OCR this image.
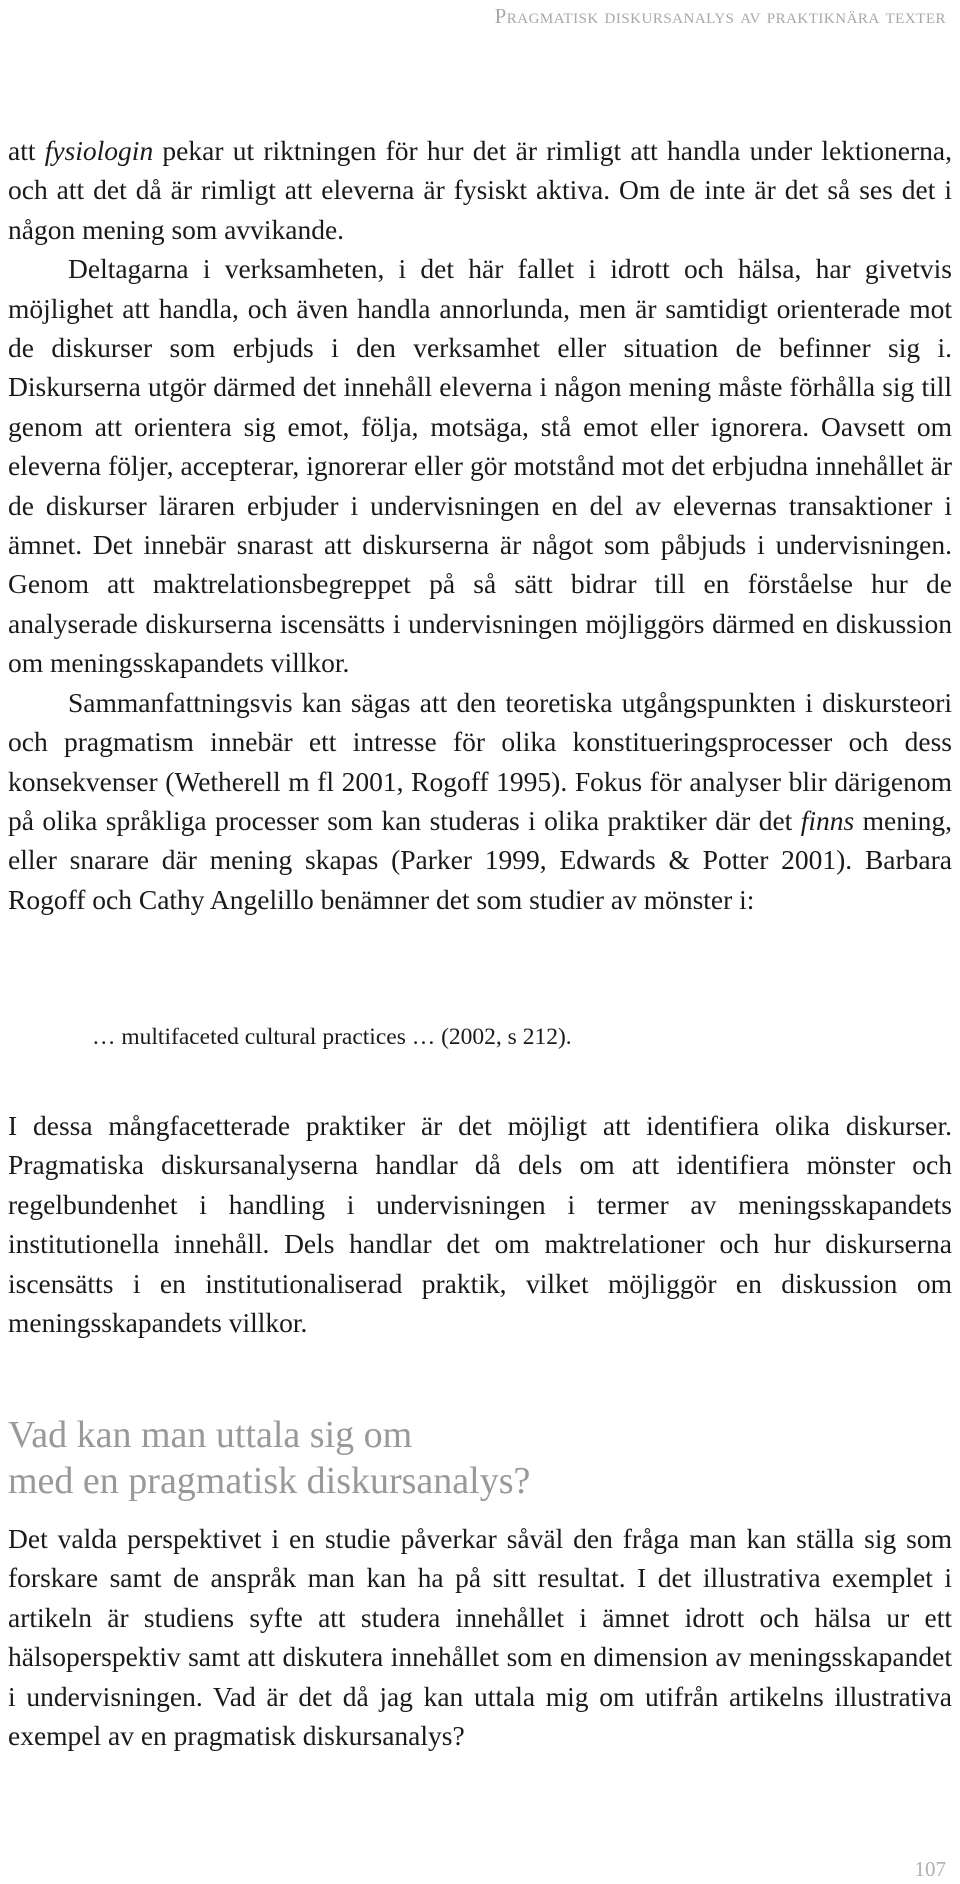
Pragmatisk diskursanalys av praktiknära texter

att fysiologin pekar ut riktningen för hur det är rimligt att handla under lektionerna, och att det då är rimligt att eleverna är fysiskt aktiva. Om de inte är det så ses det i någon mening som avvikande.

Deltagarna i verksamheten, i det här fallet i idrott och hälsa, har givetvis möjlighet att handla, och även handla annorlunda, men är samtidigt orienterade mot de diskurser som erbjuds i den verksamhet eller situation de befinner sig i. Diskurserna utgör därmed det innehåll eleverna i någon mening måste förhålla sig till genom att orientera sig emot, följa, motsäga, stå emot eller ignorera. Oavsett om eleverna följer, accepterar, ignorerar eller gör motstånd mot det erbjudna innehållet är de diskurser läraren erbjuder i undervisningen en del av elevernas transaktioner i ämnet. Det innebär snarast att diskurserna är något som påbjuds i undervisningen. Genom att maktrelationsbegreppet på så sätt bidrar till en förståelse hur de analyserade diskurserna iscensätts i undervisningen möjliggörs därmed en diskussion om meningsskapandets villkor.

Sammanfattningsvis kan sägas att den teoretiska utgångspunkten i diskursteori och pragmatism innebär ett intresse för olika konstitueringsprocesser och dess konsekvenser (Wetherell m fl 2001, Rogoff 1995). Fokus för analyser blir därigenom på olika språkliga processer som kan studeras i olika praktiker där det finns mening, eller snarare där mening skapas (Parker 1999, Edwards & Potter 2001). Barbara Rogoff och Cathy Angelillo benämner det som studier av mönster i:

… multifaceted cultural practices … (2002, s 212).

I dessa mångfacetterade praktiker är det möjligt att identifiera olika diskurser. Pragmatiska diskursanalyserna handlar då dels om att identifiera mönster och regelbundenhet i handling i undervisningen i termer av meningsskapandets institutionella innehåll. Dels handlar det om maktrelationer och hur diskurserna iscensätts i en institutionaliserad praktik, vilket möjliggör en diskussion om meningsskapandets villkor.

Vad kan man uttala sig om
med en pragmatisk diskursanalys?

Det valda perspektivet i en studie påverkar såväl den fråga man kan ställa sig som forskare samt de anspråk man kan ha på sitt resultat. I det illustrativa exemplet i artikeln är studiens syfte att studera innehållet i ämnet idrott och hälsa ur ett hälsoperspektiv samt att diskutera innehållet som en dimension av meningsskapandet i undervisningen. Vad är det då jag kan uttala mig om utifrån artikelns illustrativa exempel av en pragmatisk diskursanalys?

107
